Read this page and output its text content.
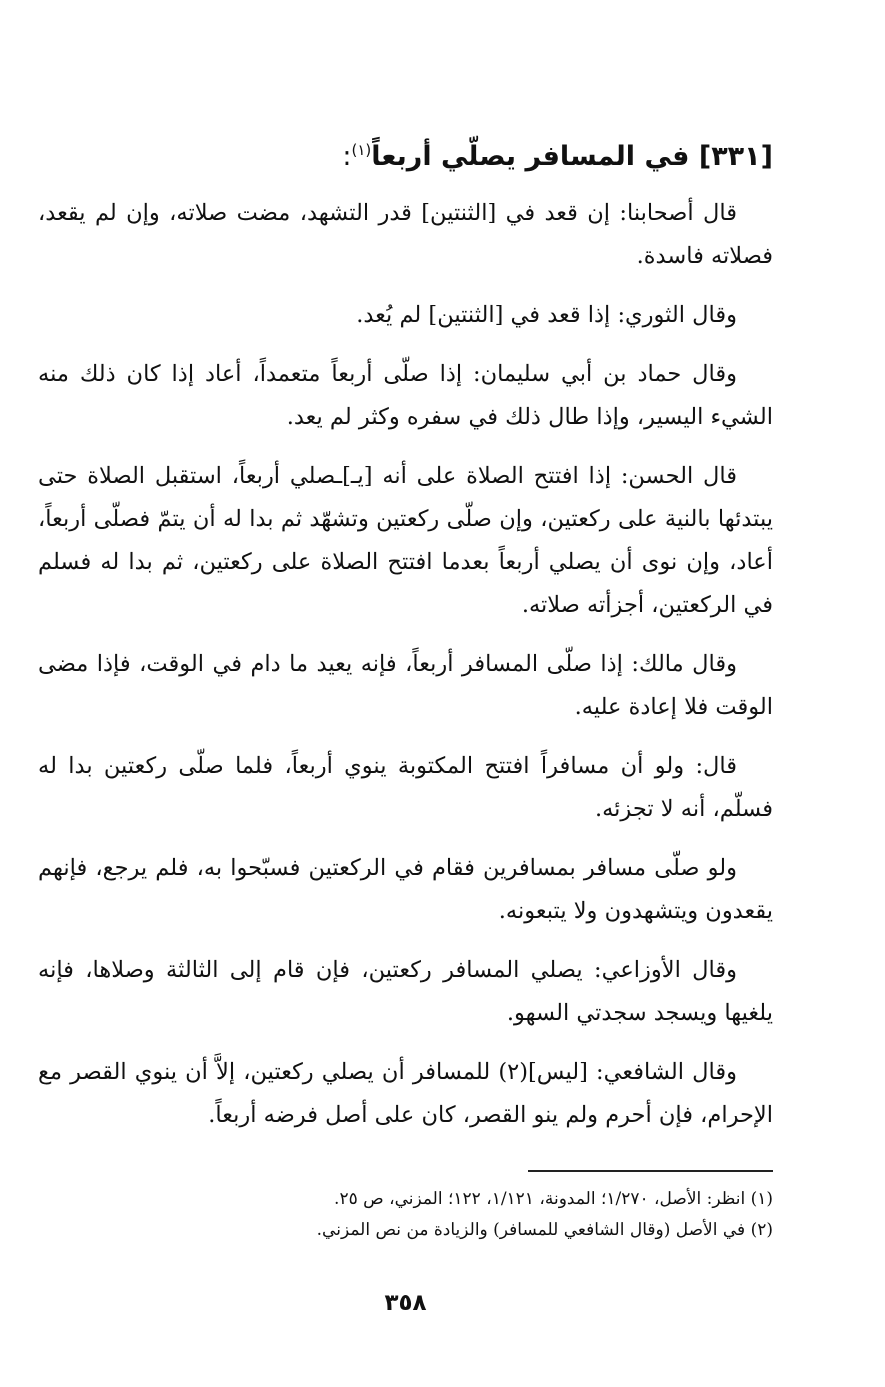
[٣٣١] في المسافر يصلّي أربعاً$^{(١)}$:

قال أصحابنا: إن قعد في [الثنتين] قدر التشهد، مضت صلاته، وإن لم يقعد، فصلاته فاسدة.

وقال الثوري: إذا قعد في [الثنتين] لم يُعد.

وقال حماد بن أبي سليمان: إذا صلّى أربعاً متعمداً، أعاد إذا كان ذلك منه الشيء اليسير، وإذا طال ذلك في سفره وكثر لم يعد.

قال الحسن: إذا افتتح الصلاة على أنه [يـ]ـصلي أربعاً، استقبل الصلاة حتى يبتدئها بالنية على ركعتين، وإن صلّى ركعتين وتشهّد ثم بدا له أن يتمّ فصلّى أربعاً، أعاد، وإن نوى أن يصلي أربعاً بعدما افتتح الصلاة على ركعتين، ثم بدا له فسلم في الركعتين، أجزأته صلاته.

وقال مالك: إذا صلّى المسافر أربعاً، فإنه يعيد ما دام في الوقت، فإذا مضى الوقت فلا إعادة عليه.

قال: ولو أن مسافراً افتتح المكتوبة ينوي أربعاً، فلما صلّى ركعتين بدا له فسلّم، أنه لا تجزئه.

ولو صلّى مسافر بمسافرين فقام في الركعتين فسبّحوا به، فلم يرجع، فإنهم يقعدون ويتشهدون ولا يتبعونه.

وقال الأوزاعي: يصلي المسافر ركعتين، فإن قام إلى الثالثة وصلاها، فإنه يلغيها ويسجد سجدتي السهو.

وقال الشافعي: [ليس](٢) للمسافر أن يصلي ركعتين، إلاَّ أن ينوي القصر مع الإحرام، فإن أحرم ولم ينو القصر، كان على أصل فرضه أربعاً.

(١) انظر: الأصل، ١/٢٧٠؛ المدونة، ١/١٢١، ١٢٢؛ المزني، ص ٢٥.
(٢) في الأصل (وقال الشافعي للمسافر) والزيادة من نص المزني.
٣٥٨
